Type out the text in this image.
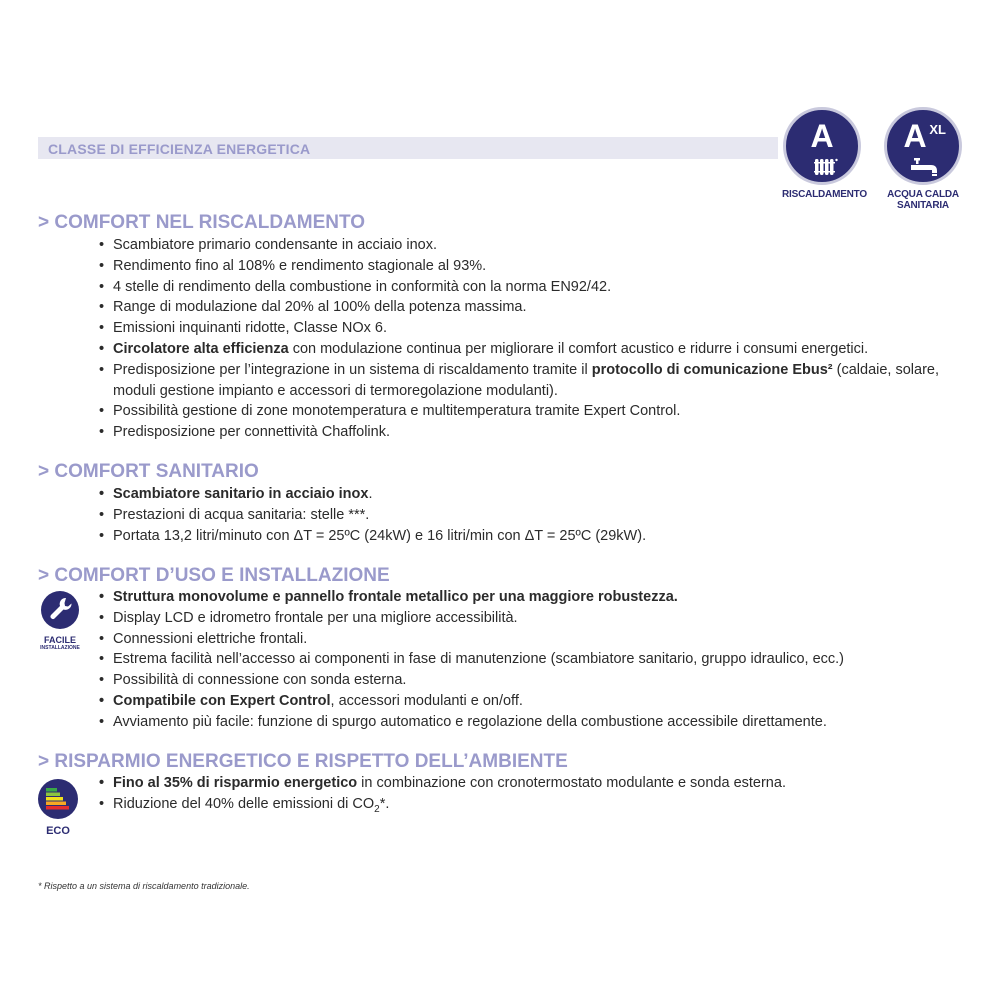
CLASSE DI EFFICIENZA ENERGETICA	A
RISCALDAMENTO
A XL
ACQUA CALDA
SANITARIA
> COMFORT NEL RISCALDAMENTO
• Scambiatore primario condensante in acciaio inox.
• Rendimento fino al 108% e rendimento stagionale al 93%.
• 4 stelle di rendimento della combustione in conformità con la norma EN92/42.
• Range di modulazione dal 20% al 100% della potenza massima.
• Emissioni inquinanti ridotte, Classe NOx 6.
• Circolatore alta efficienza con modulazione continua per migliorare il comfort acustico e ridurre i consumi energetici.
• Predisposizione per l’integrazione in un sistema di riscaldamento tramite il protocollo di comunicazione Ebus² (caldaie, solare, moduli gestione impianto e accessori di termoregolazione modulanti).
• Possibilità gestione di zone monotemperatura e multitemperatura tramite Expert Control.
• Predisposizione per connettività Chaffolink.
> COMFORT SANITARIO
• Scambiatore sanitario in acciaio inox.
• Prestazioni di acqua sanitaria: stelle ***.
• Portata 13,2 litri/minuto con ΔT = 25ºC (24kW) e 16 litri/min con ΔT = 25ºC (29kW).
> COMFORT D’USO E INSTALLAZIONE
FACILE
INSTALLAZIONE
• Struttura monovolume e pannello frontale metallico per una maggiore robustezza.
• Display LCD e idrometro frontale per una migliore accessibilità.
• Connessioni elettriche frontali.
• Estrema facilità nell’accesso ai componenti in fase di manutenzione (scambiatore sanitario, gruppo idraulico, ecc.)
• Possibilità di connessione con sonda esterna.
• Compatibile con Expert Control, accessori modulanti e on/off.
• Avviamento più facile: funzione di spurgo automatico e regolazione della combustione accessibile direttamente.
> RISPARMIO ENERGETICO E RISPETTO DELL’AMBIENTE
ECO
• Fino al 35% di risparmio energetico in combinazione con cronotermostato modulante e sonda esterna.
• Riduzione del 40% delle emissioni di $CO_2*$.
* Rispetto a un sistema di riscaldamento tradizionale.
